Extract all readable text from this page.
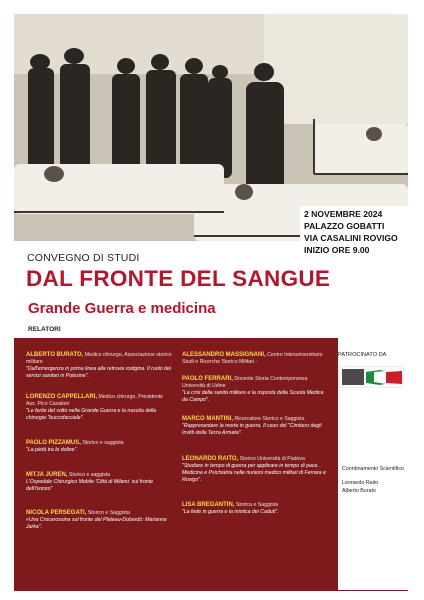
2 NOVEMBRE 2024
PALAZZO GOBATTI
VIA CASALINI ROVIGO
INIZIO ORE 9.00
CONVEGNO DI STUDI
DAL FRONTE DEL SANGUE
Grande Guerra e medicina
RELATORI
ALBERTO BURATO, Medico chirurgo, Associazione storico militare
"Dall'emergenza in prima linea alla retrovia rodigina. Il ruolo dei servizi sanitari in Polesine".
LORENZO CAPPELLARI, Medico chirurgo, Presidente Ass. Pico Cavalieri
"Le ferite del volto nella Grande Guerra e la nascita della chirurgia "buccofacciale".
PAOLO PIZZAMUS, Storico e saggista
"La pietà tra le doline".
MITJA JUREN, Storico e saggista
L'Ospedale Chirurgico Mobile 'Città di Milano' sul fronte dell'Isonzo"
NICOLA PERSEGATI, Storico e Saggista
«Una Crocerossina sul fronte del Plateau-Doberdò: Marianne Jarka".
ALESSANDRO MASSIGNANI, Centro Interuniversitario Studi e Ricerche Storico Militari -
PAOLO FERRARI, Docente Storia Contemporanea Università di Udine
"La crisi della sanità militare e la risposta della Scuola Medica da Campo".
MARCO MANTINI, Ricercatore Storico e Saggista
"Rappresentare la morte in guerra. Il caso del "Cimitero degli Invitti della Terza Armata".
LEONARDO RAITO, Storico Università di Padova
"Studiare in tempo di guerra per applicare in tempo di pace. Medicina e Psichiatria nelle riunioni medico militari di Ferrara e Rovigo".
LISA BREGANTIN, Storica e Saggista
"La fede in guerra e la mistica dei Caduti".
PATROCINATO DA
Coordinamento Scientifico
Leonardo Raito
Alberto Burato
